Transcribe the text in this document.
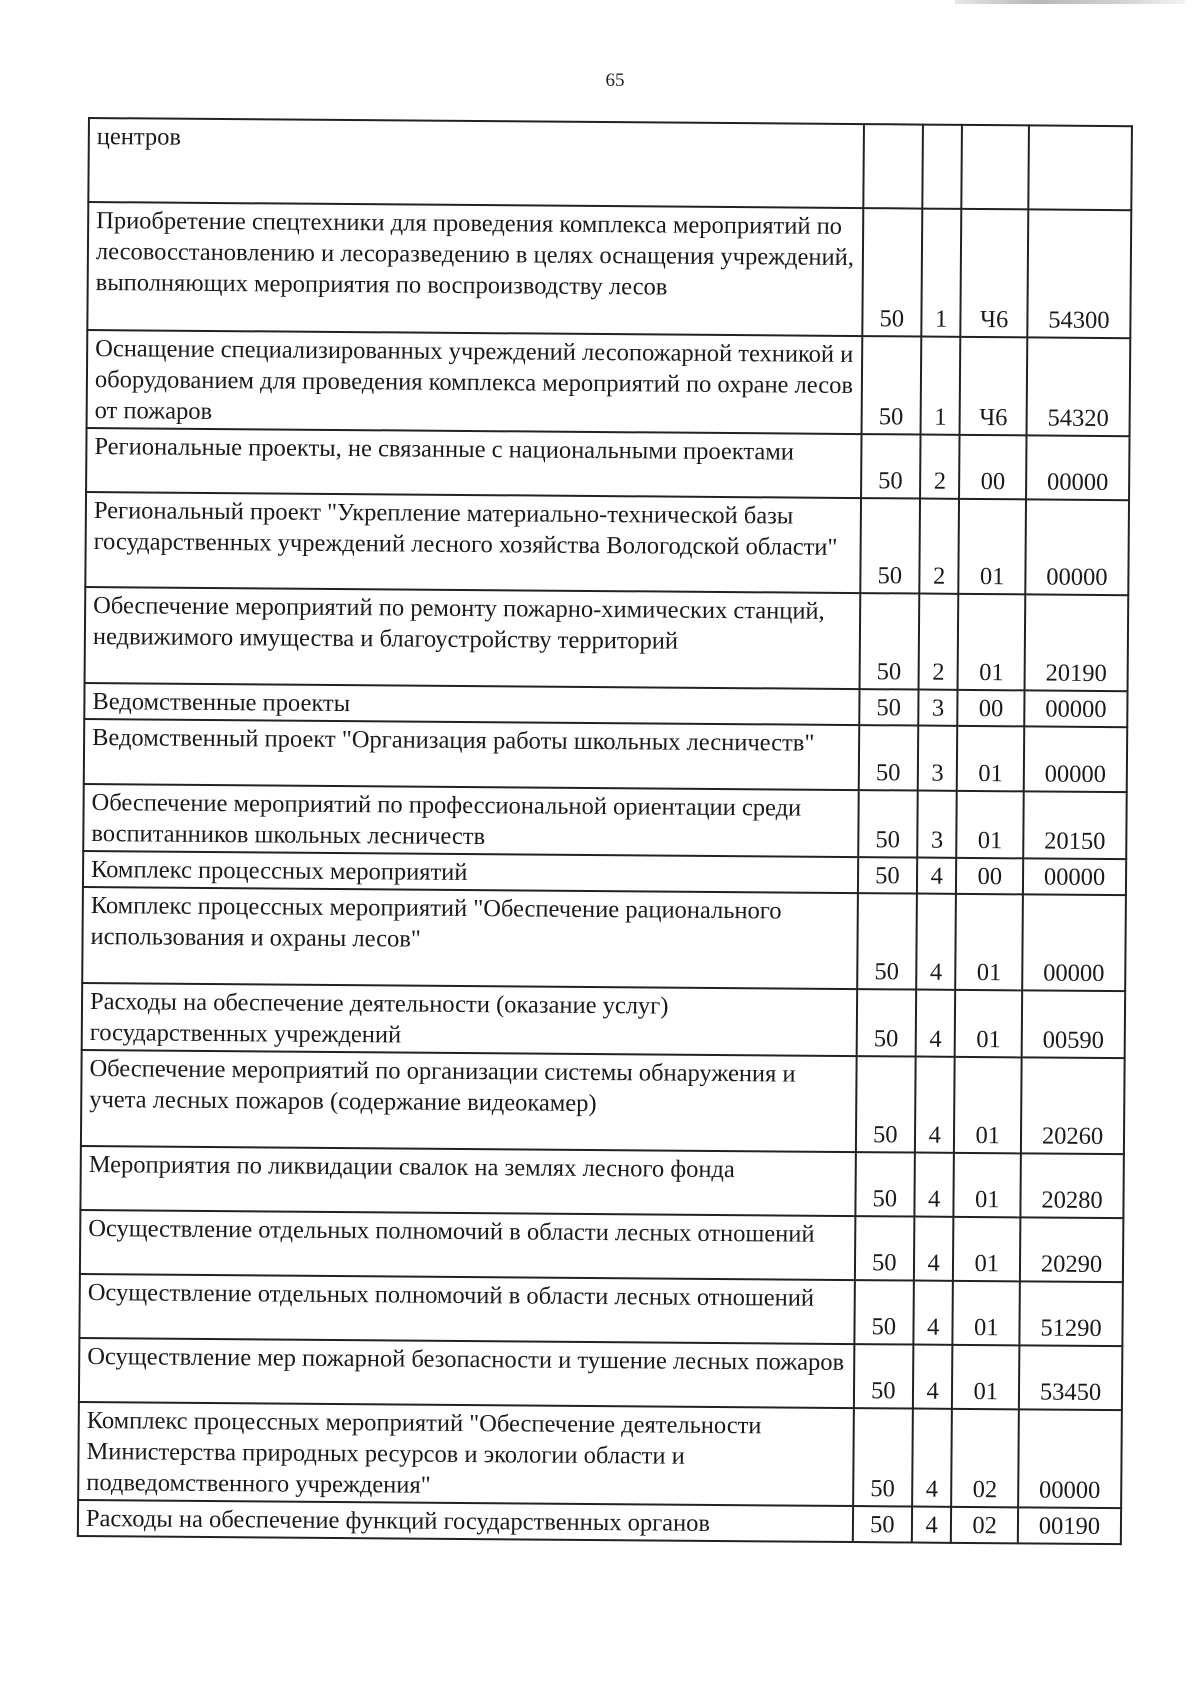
65
центров				
Приобретение спецтехники для проведения комплекса мероприятий по лесовосстановлению и лесоразведению в целях оснащения учреждений, выполняющих мероприятия по воспроизводству лесов	50	1	Ч6	54300
Оснащение специализированных учреждений лесопожарной техникой и оборудованием для проведения комплекса мероприятий по охране лесов от пожаров	50	1	Ч6	54320
Региональные проекты, не связанные с национальными проектами	50	2	00	00000
Региональный проект "Укрепление материально-технической базы государственных учреждений лесного хозяйства Вологодской области"	50	2	01	00000
Обеспечение мероприятий по ремонту пожарно-химических станций, недвижимого имущества и благоустройству территорий	50	2	01	20190
Ведомственные проекты	50	3	00	00000
Ведомственный проект "Организация работы школьных лесничеств"	50	3	01	00000
Обеспечение мероприятий по профессиональной ориентации среди воспитанников школьных лесничеств	50	3	01	20150
Комплекс процессных мероприятий	50	4	00	00000
Комплекс процессных мероприятий "Обеспечение рационального использования и охраны лесов"	50	4	01	00000
Расходы на обеспечение деятельности (оказание услуг) государственных учреждений	50	4	01	00590
Обеспечение мероприятий по организации системы обнаружения и учета лесных пожаров (содержание видеокамер)	50	4	01	20260
Мероприятия по ликвидации свалок на землях лесного фонда	50	4	01	20280
Осуществление отдельных полномочий в области лесных отношений	50	4	01	20290
Осуществление отдельных полномочий в области лесных отношений	50	4	01	51290
Осуществление мер пожарной безопасности и тушение лесных пожаров	50	4	01	53450
Комплекс процессных мероприятий "Обеспечение деятельности Министерства природных ресурсов и экологии области и подведомственного учреждения"	50	4	02	00000
Расходы на обеспечение функций государственных органов	50	4	02	00190
